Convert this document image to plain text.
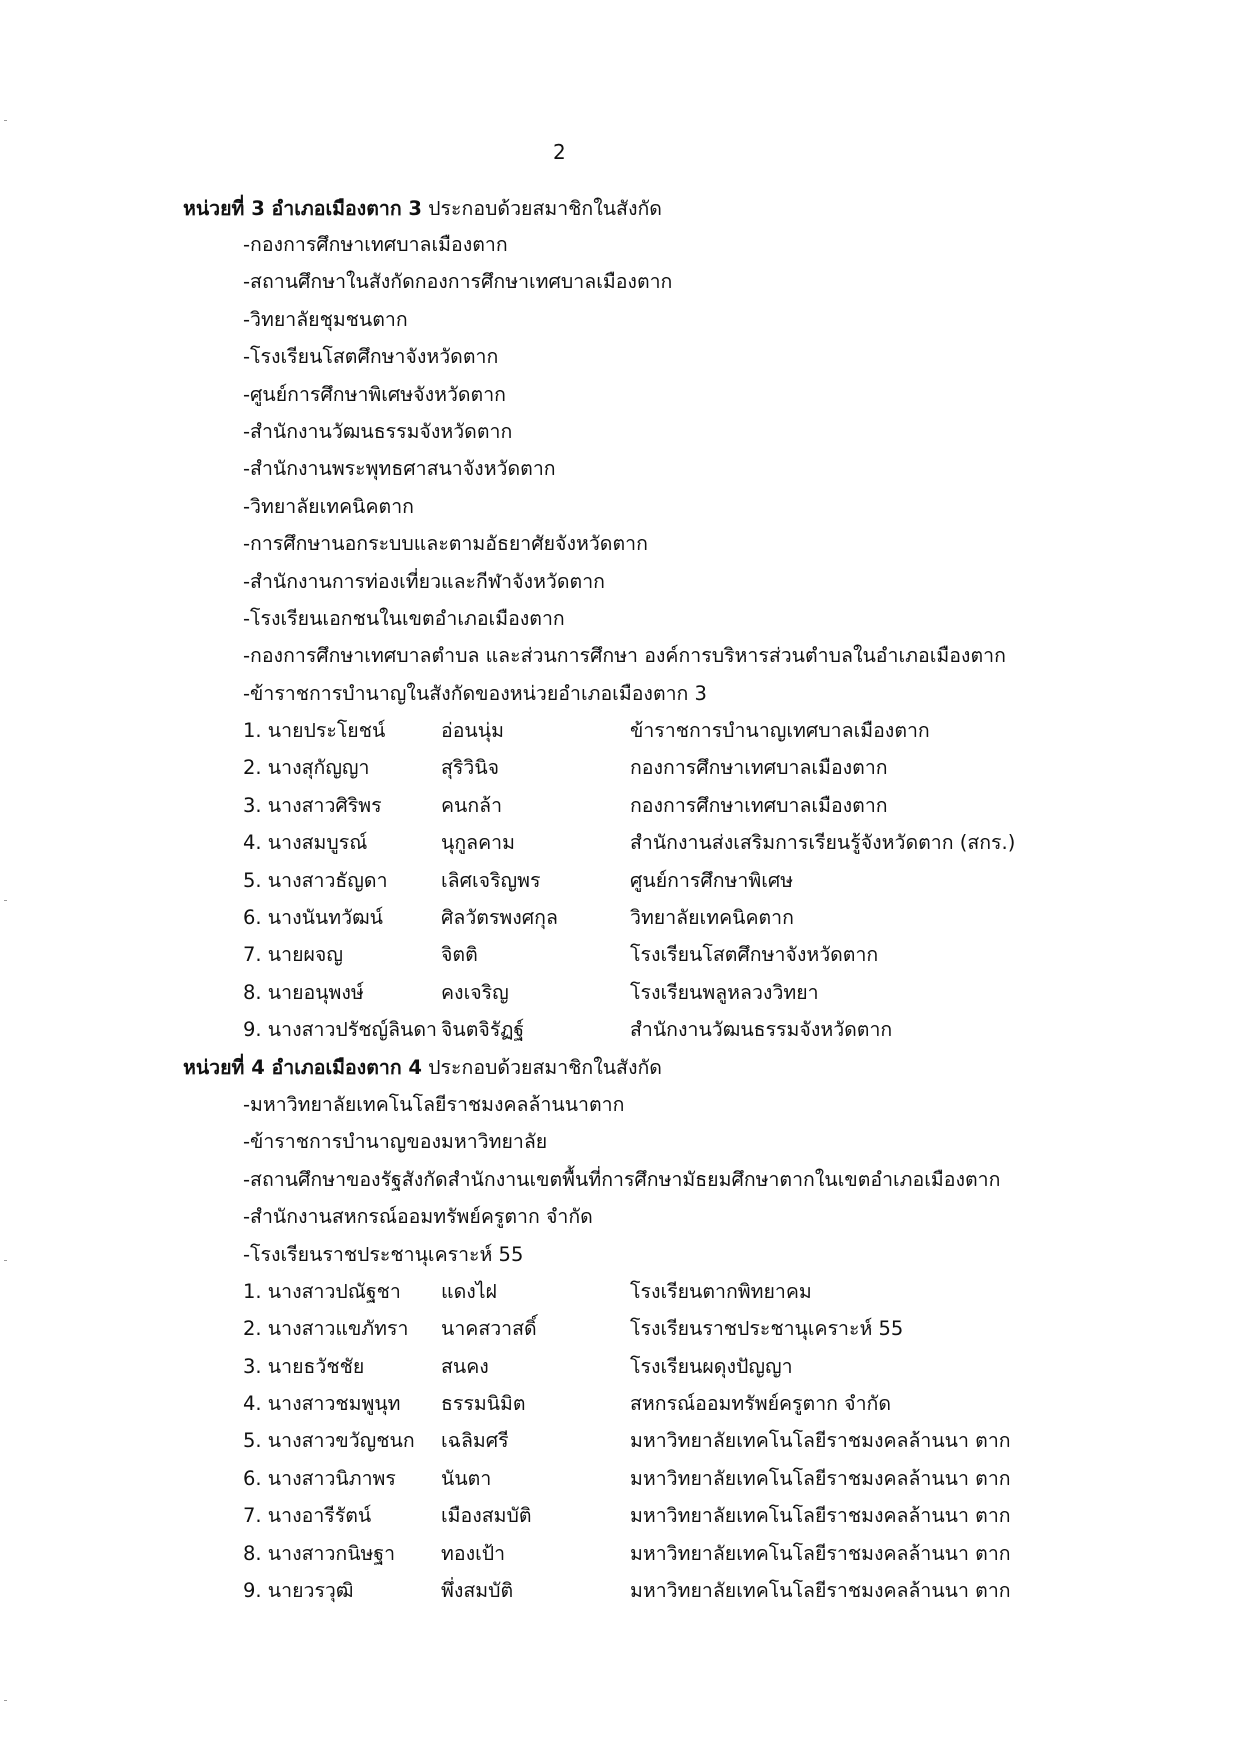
2
หน่วยที่ 3 อำเภอเมืองตาก 3 ประกอบด้วยสมาชิกในสังกัด
-กองการศึกษาเทศบาลเมืองตาก
-สถานศึกษาในสังกัดกองการศึกษาเทศบาลเมืองตาก
-วิทยาลัยชุมชนตาก
-โรงเรียนโสตศึกษาจังหวัดตาก
-ศูนย์การศึกษาพิเศษจังหวัดตาก
-สำนักงานวัฒนธรรมจังหวัดตาก
-สำนักงานพระพุทธศาสนาจังหวัดตาก
-วิทยาลัยเทคนิคตาก
-การศึกษานอกระบบและตามอัธยาศัยจังหวัดตาก
-สำนักงานการท่องเที่ยวและกีฬาจังหวัดตาก
-โรงเรียนเอกชนในเขตอำเภอเมืองตาก
-กองการศึกษาเทศบาลตำบล และส่วนการศึกษา องค์การบริหารส่วนตำบลในอำเภอเมืองตาก
-ข้าราชการบำนาญในสังกัดของหน่วยอำเภอเมืองตาก 3
1. นายประโยชน์	อ่อนนุ่ม	ข้าราชการบำนาญเทศบาลเมืองตาก
2. นางสุกัญญา	สุริวินิจ	กองการศึกษาเทศบาลเมืองตาก
3. นางสาวศิริพร	คนกล้า	กองการศึกษาเทศบาลเมืองตาก
4. นางสมบูรณ์	นุกูลคาม	สำนักงานส่งเสริมการเรียนรู้จังหวัดตาก (สกร.)
5. นางสาวธัญดา	เลิศเจริญพร	ศูนย์การศึกษาพิเศษ
6. นางนันทวัฒน์	ศิลวัตรพงศกุล	วิทยาลัยเทคนิคตาก
7. นายผจญ	จิตติ	โรงเรียนโสตศึกษาจังหวัดตาก
8. นายอนุพงษ์	คงเจริญ	โรงเรียนพลูหลวงวิทยา
9. นางสาวปรัชญ์ลินดา จินตจิรัฏฐ์	สำนักงานวัฒนธรรมจังหวัดตาก
หน่วยที่ 4 อำเภอเมืองตาก 4 ประกอบด้วยสมาชิกในสังกัด
-มหาวิทยาลัยเทคโนโลยีราชมงคลล้านนาตาก
-ข้าราชการบำนาญของมหาวิทยาลัย
-สถานศึกษาของรัฐสังกัดสำนักงานเขตพื้นที่การศึกษามัธยมศึกษาตากในเขตอำเภอเมืองตาก
-สำนักงานสหกรณ์ออมทรัพย์ครูตาก จำกัด
-โรงเรียนราชประชานุเคราะห์ 55
1. นางสาวปณัฐชา แดงไฝ	โรงเรียนตากพิทยาคม
2. นางสาวแขภัทรา นาคสวาสดิ์	โรงเรียนราชประชานุเคราะห์ 55
3. นายธวัชชัย	สนคง	โรงเรียนผดุงปัญญา
4. นางสาวชมพูนุท ธรรมนิมิต	สหกรณ์ออมทรัพย์ครูตาก จำกัด
5. นางสาวขวัญชนก เฉลิมศรี	มหาวิทยาลัยเทคโนโลยีราชมงคลล้านนา ตาก
6. นางสาวนิภาพร นันตา	มหาวิทยาลัยเทคโนโลยีราชมงคลล้านนา ตาก
7. นางอารีรัตน์	เมืองสมบัติ	มหาวิทยาลัยเทคโนโลยีราชมงคลล้านนา ตาก
8. นางสาวกนิษฐา ทองเป้า	มหาวิทยาลัยเทคโนโลยีราชมงคลล้านนา ตาก
9. นายวรวุฒิ	พึ่งสมบัติ	มหาวิทยาลัยเทคโนโลยีราชมงคลล้านนา ตาก
